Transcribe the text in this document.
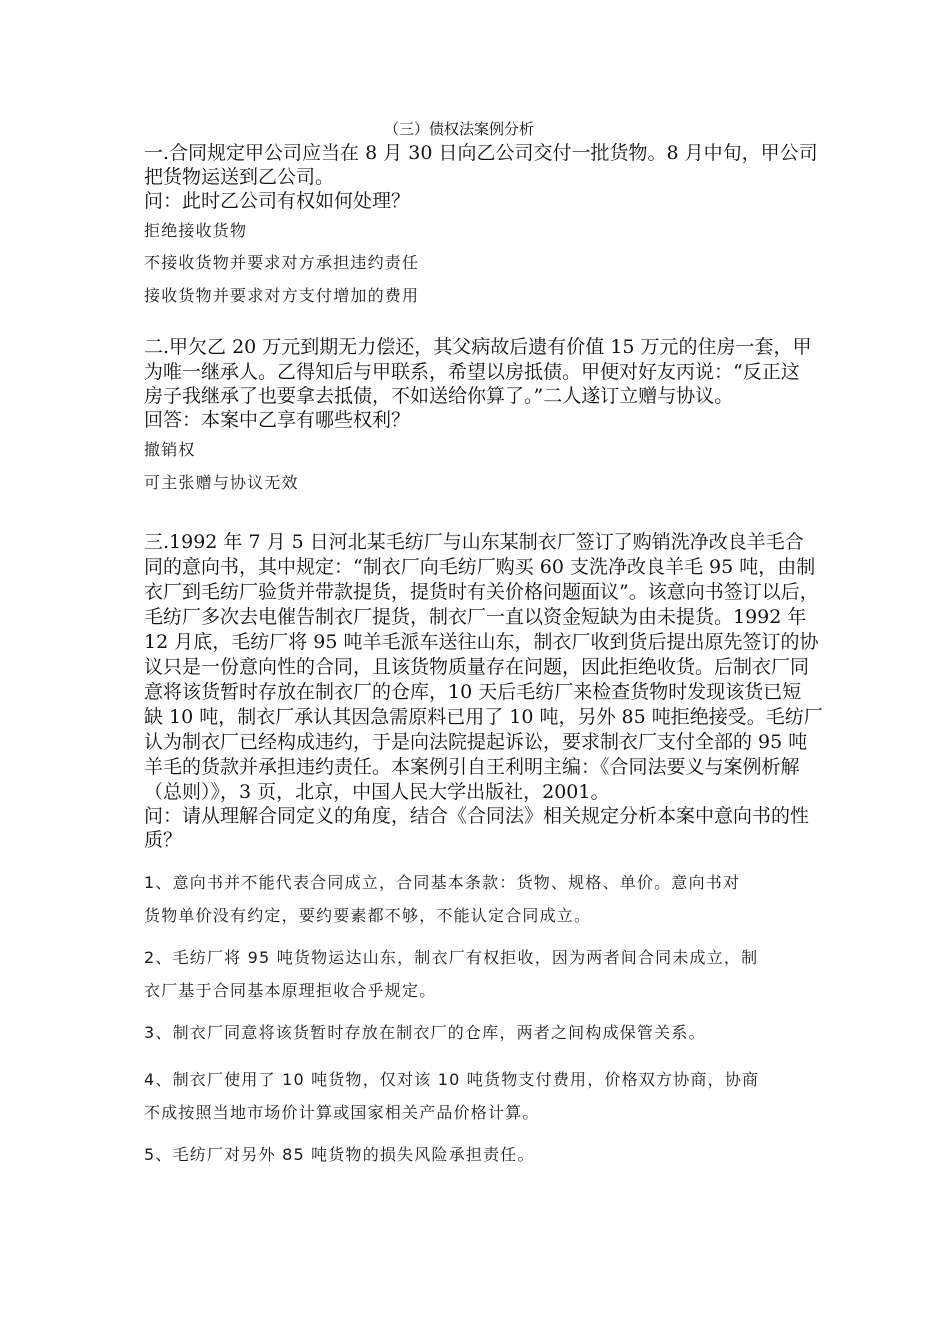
（三）债权法案例分析
一.合同规定甲公司应当在 8 月 30 日向乙公司交付一批货物。8 月中旬，甲公司
把货物运送到乙公司。
问：此时乙公司有权如何处理？
拒绝接收货物
不接收货物并要求对方承担违约责任
接收货物并要求对方支付增加的费用
二.甲欠乙 20 万元到期无力偿还，其父病故后遗有价值 15 万元的住房一套，甲
为唯一继承人。乙得知后与甲联系，希望以房抵债。甲便对好友丙说：“反正这
房子我继承了也要拿去抵债，不如送给你算了。”二人遂订立赠与协议。
回答：本案中乙享有哪些权利？
撤销权
可主张赠与协议无效
三.1992 年 7 月 5 日河北某毛纺厂与山东某制衣厂签订了购销洗净改良羊毛合
同的意向书，其中规定：“制衣厂向毛纺厂购买 60 支洗净改良羊毛 95 吨，由制
衣厂到毛纺厂验货并带款提货，提货时有关价格问题面议”。该意向书签订以后，
毛纺厂多次去电催告制衣厂提货，制衣厂一直以资金短缺为由未提货。1992 年
12 月底，毛纺厂将 95 吨羊毛派车送往山东，制衣厂收到货后提出原先签订的协
议只是一份意向性的合同，且该货物质量存在问题，因此拒绝收货。后制衣厂同
意将该货暂时存放在制衣厂的仓库，10 天后毛纺厂来检查货物时发现该货已短
缺 10 吨，制衣厂承认其因急需原料已用了 10 吨，另外 85 吨拒绝接受。毛纺厂
认为制衣厂已经构成违约，于是向法院提起诉讼，要求制衣厂支付全部的 95 吨
羊毛的货款并承担违约责任。本案例引自王利明主编：《合同法要义与案例析解
（总则）》，3 页，北京，中国人民大学出版社，2001。
问：请从理解合同定义的角度，结合《合同法》相关规定分析本案中意向书的性
质？
1、意向书并不能代表合同成立，合同基本条款：货物、规格、单价。意向书对
货物单价没有约定，要约要素都不够，不能认定合同成立。
2、毛纺厂将 95 吨货物运达山东，制衣厂有权拒收，因为两者间合同未成立，制
衣厂基于合同基本原理拒收合乎规定。
3、制衣厂同意将该货暂时存放在制衣厂的仓库，两者之间构成保管关系。
4、制衣厂使用了 10 吨货物，仅对该 10 吨货物支付费用，价格双方协商，协商
不成按照当地市场价计算或国家相关产品价格计算。
5、毛纺厂对另外 85 吨货物的损失风险承担责任。
